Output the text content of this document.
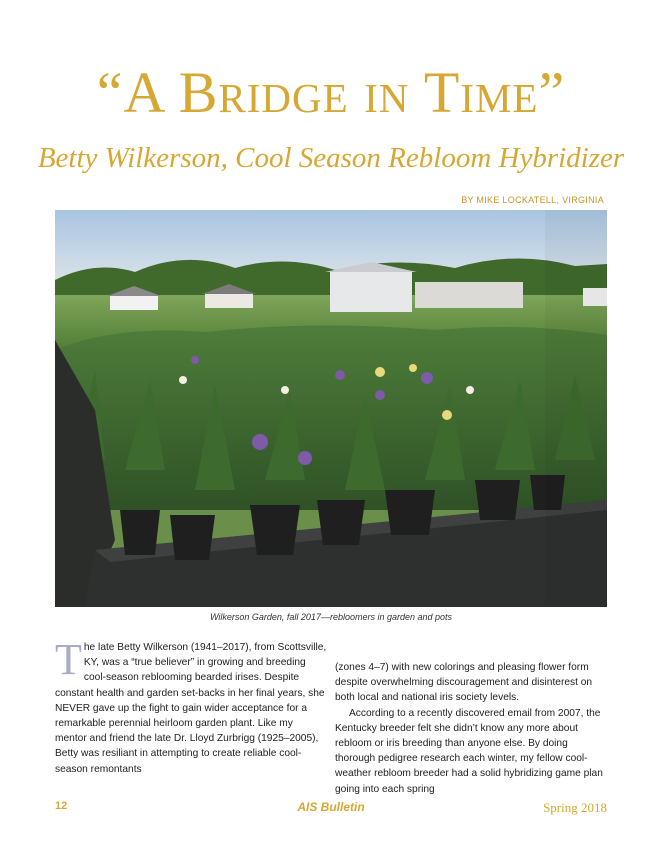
“A Bridge in Time”
Betty Wilkerson, Cool Season Rebloom Hybridizer
BY MIKE LOCKATELL, VIRGINIA
Wilkerson Garden, fall 2017—rebloomers in garden and pots

The late Betty Wilkerson (1941–2017), from Scottsville, KY, was a “true believer” in growing and breeding cool-season reblooming bearded irises. Despite constant health and garden set-backs in her final years, she NEVER gave up the fight to gain wider acceptance for a remarkable perennial heirloom garden plant. Like my mentor and friend the late Dr. Lloyd Zurbrigg (1925–2005), Betty was resiliant in attempting to create reliable cool-season remontants

(zones 4–7) with new colorings and pleasing flower form despite overwhelming discouragement and disinterest on both local and national iris society levels.

According to a recently discovered email from 2007, the Kentucky breeder felt she didn’t know any more about rebloom or iris breeding than anyone else. By doing thorough pedigree research each winter, my fellow cool-weather rebloom breeder had a solid hybridizing game plan going into each spring

12	AIS Bulletin	Spring 2018
